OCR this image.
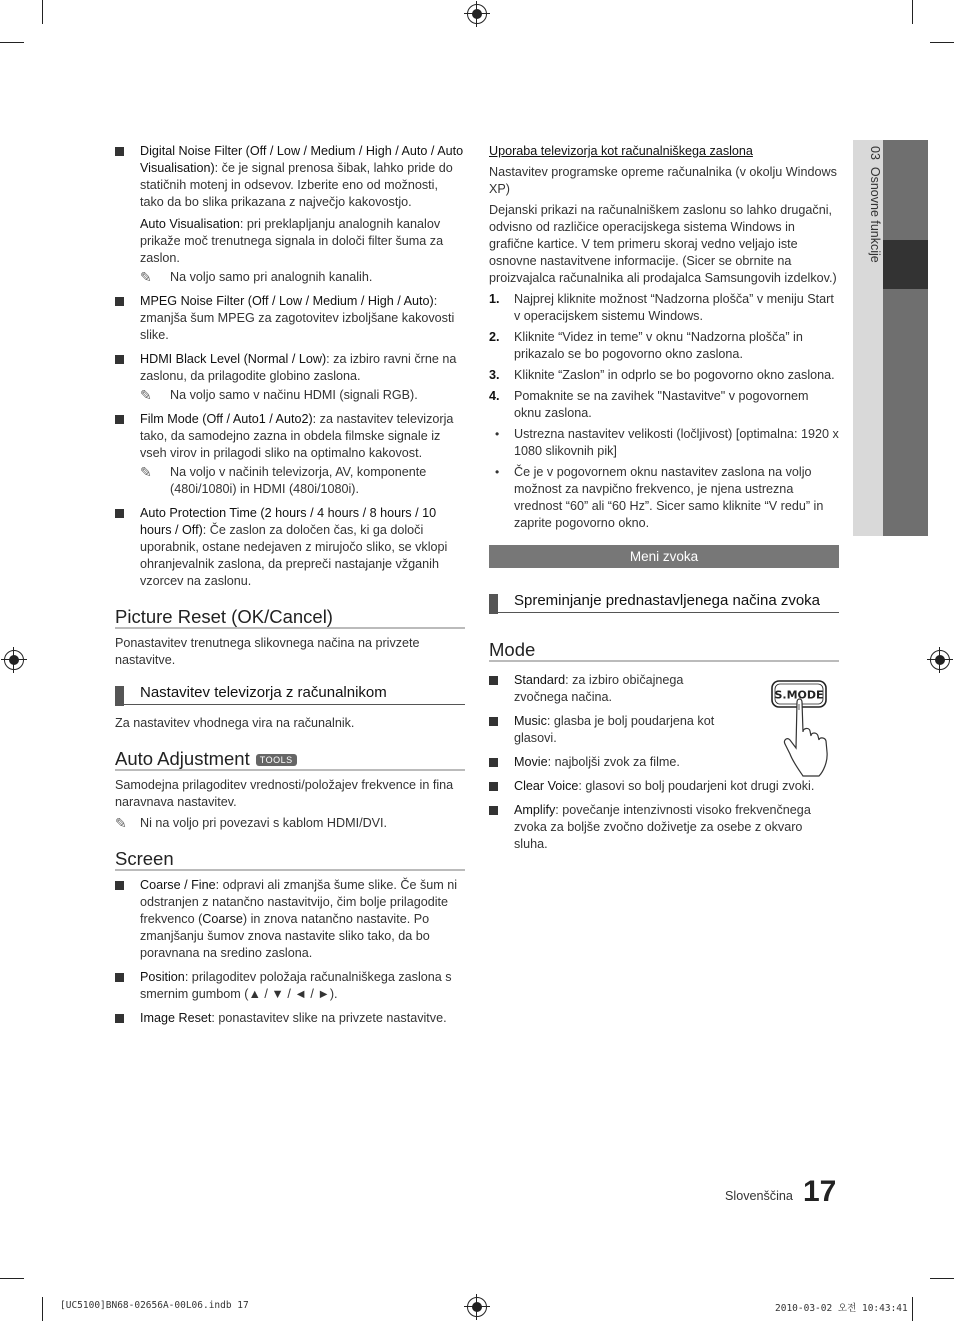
03  Osnovne funkcije
Digital Noise Filter (Off / Low / Medium / High / Auto / Auto Visualisation): če je signal prenosa šibak, lahko pride do statičnih motenj in odsevov. Izberite eno od možnosti, tako da bo slika prikazana z največjo kakovostjo.
Auto Visualisation: pri preklapljanju analognih kanalov prikaže moč trenutnega signala in določi filter šuma za zaslon.
✎ Na voljo samo pri analognih kanalih.
MPEG Noise Filter (Off / Low / Medium / High / Auto): zmanjša šum MPEG za zagotovitev izboljšane kakovosti slike.
HDMI Black Level (Normal / Low): za izbiro ravni črne na zaslonu, da prilagodite globino zaslona.
✎ Na voljo samo v načinu HDMI (signali RGB).
Film Mode (Off / Auto1 / Auto2): za nastavitev televizorja tako, da samodejno zazna in obdela filmske signale iz vseh virov in prilagodi sliko na optimalno kakovost.
✎ Na voljo v načinih televizorja, AV, komponente (480i/1080i) in HDMI (480i/1080i).
Auto Protection Time (2 hours / 4 hours / 8 hours / 10 hours / Off): Če zaslon za določen čas, ki ga določi uporabnik, ostane nedejaven z mirujočo sliko, se vklopi ohranjevalnik zaslona, da prepreči nastajanje vžganih vzorcev na zaslonu.
Picture Reset (OK/Cancel)
Ponastavitev trenutnega slikovnega načina na privzete nastavitve.
Nastavitev televizorja z računalnikom
Za nastavitev vhodnega vira na računalnik.
Auto Adjustment TOOLS
Samodejna prilagoditev vrednosti/položajev frekvence in fina naravnava nastavitev.
✎ Ni na voljo pri povezavi s kablom HDMI/DVI.
Screen
Coarse / Fine: odpravi ali zmanjša šume slike. Če šum ni odstranjen z natančno nastavitvijo, čim bolje prilagodite frekvenco (Coarse) in znova natančno nastavite. Po zmanjšanju šumov znova nastavite sliko tako, da bo poravnana na sredino zaslona.
Position: prilagoditev položaja računalniškega zaslona s smernim gumbom (▲ / ▼ / ◄ / ►).
Image Reset: ponastavitev slike na privzete nastavitve.
Uporaba televizorja kot računalniškega zaslona
Nastavitev programske opreme računalnika (v okolju Windows XP)
Dejanski prikazi na računalniškem zaslonu so lahko drugačni, odvisno od različice operacijskega sistema Windows in grafične kartice. V tem primeru skoraj vedno veljajo iste osnovne nastavitvene informacije. (Sicer se obrnite na proizvajalca računalnika ali prodajalca Samsungovih izdelkov.)
1. Najprej kliknite možnost “Nadzorna plošča” v meniju Start v operacijskem sistemu Windows.
2. Kliknite “Videz in teme” v oknu “Nadzorna plošča” in prikazalo se bo pogovorno okno zaslona.
3. Kliknite “Zaslon” in odprlo se bo pogovorno okno zaslona.
4. Pomaknite se na zavihek "Nastavitve" v pogovornem oknu zaslona.
• Ustrezna nastavitev velikosti (ločljivost) [optimalna: 1920 x 1080 slikovnih pik]
• Če je v pogovornem oknu nastavitev zaslona na voljo možnost za navpično frekvenco, je njena ustrezna vrednost “60” ali “60 Hz”. Sicer samo kliknite “V redu” in zaprite pogovorno okno.
Meni zvoka
Spreminjanje prednastavljenega načina zvoka
Mode
Standard: za izbiro običajnega zvočnega načina.
Music: glasba je bolj poudarjena kot glasovi.
Movie: najboljši zvok za filme.
Clear Voice: glasovi so bolj poudarjeni kot drugi zvoki.
Amplify: povečanje intenzivnosti visoko frekvenčnega zvoka za boljše zvočno doživetje za osebe z okvaro sluha.
S.MODE
Slovenščina 17
[UC5100]BN68-02656A-00L06.indb 17	2010-03-02 오전 10:43:41
